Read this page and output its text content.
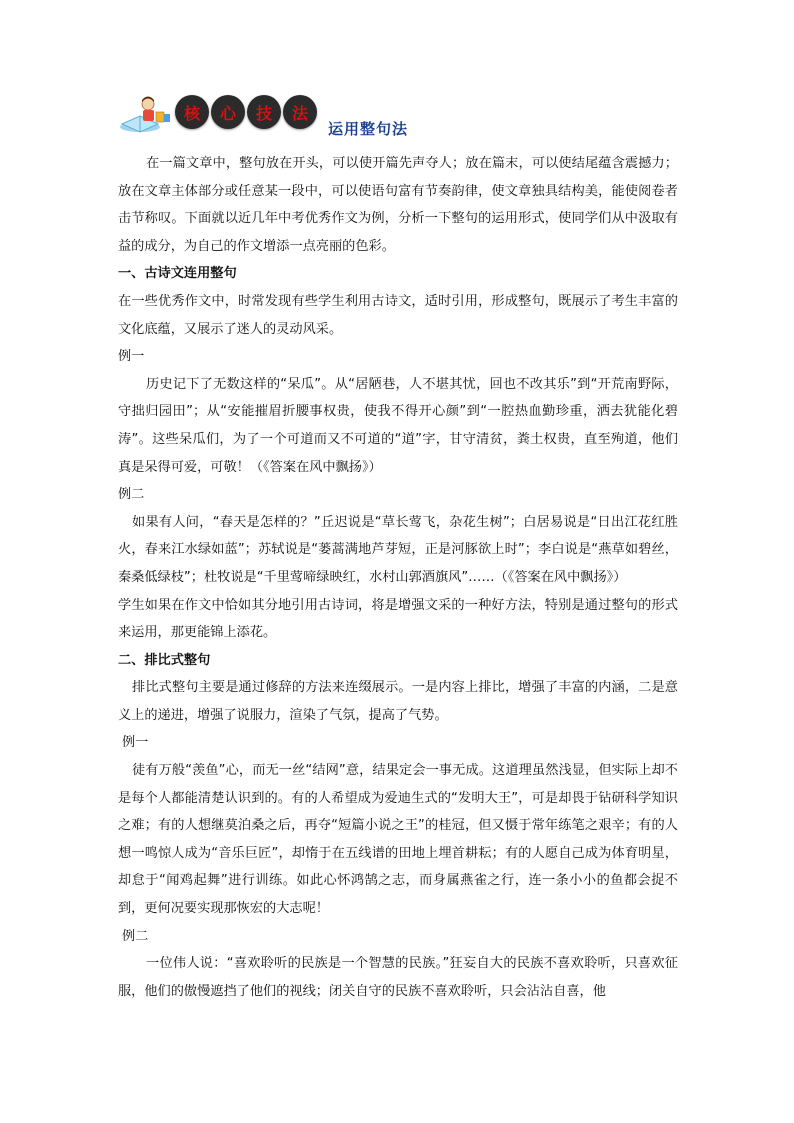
核 心 技 法
运用整句法

在一篇文章中，整句放在开头，可以使开篇先声夺人；放在篇末，可以使结尾蕴含震撼力；放在文章主体部分或任意某一段中，可以使语句富有节奏韵律，使文章独具结构美，能使阅卷者击节称叹。下面就以近几年中考优秀作文为例，分析一下整句的运用形式，使同学们从中汲取有益的成分，为自己的作文增添一点亮丽的色彩。

一、古诗文连用整句

在一些优秀作文中，时常发现有些学生利用古诗文，适时引用，形成整句，既展示了考生丰富的文化底蕴，又展示了迷人的灵动风采。

例一

历史记下了无数这样的“呆瓜”。从“居陋巷，人不堪其忧，回也不改其乐”到“开荒南野际，守拙归园田”；从“安能摧眉折腰事权贵，使我不得开心颜”到“一腔热血勤珍重，洒去犹能化碧涛”。这些呆瓜们，为了一个可道而又不可道的“道”字，甘守清贫，粪土权贵，直至殉道，他们真是呆得可爱，可敬！（《答案在风中飘扬》）

例二

如果有人问，“春天是怎样的？”丘迟说是“草长莺飞，杂花生树”；白居易说是“日出江花红胜火，春来江水绿如蓝”；苏轼说是“蒌蒿满地芦芽短，正是河豚欲上时”；李白说是“燕草如碧丝，秦桑低绿枝”；杜牧说是“千里莺啼绿映红，水村山郭酒旗风”……（《答案在风中飘扬》）

学生如果在作文中恰如其分地引用古诗词，将是增强文采的一种好方法，特别是通过整句的形式来运用，那更能锦上添花。

二、排比式整句

排比式整句主要是通过修辞的方法来连缀展示。一是内容上排比，增强了丰富的内涵，二是意义上的递进，增强了说服力，渲染了气氛，提高了气势。

例一

徒有万般“羡鱼”心，而无一丝“结网”意，结果定会一事无成。这道理虽然浅显，但实际上却不是每个人都能清楚认识到的。有的人希望成为爱迪生式的“发明大王”，可是却畏于钻研科学知识之难；有的人想继莫泊桑之后，再夺“短篇小说之王”的桂冠，但又慑于常年练笔之艰辛；有的人想一鸣惊人成为“音乐巨匠”，却惰于在五线谱的田地上埋首耕耘；有的人愿自己成为体育明星，却怠于“闻鸡起舞”进行训练。如此心怀鸿鹄之志，而身属燕雀之行，连一条小小的鱼都会捉不到，更何况要实现那恢宏的大志呢！

例二

一位伟人说：“喜欢聆听的民族是一个智慧的民族。”狂妄自大的民族不喜欢聆听，只喜欢征服，他们的傲慢遮挡了他们的视线；闭关自守的民族不喜欢聆听，只会沾沾自喜，他
